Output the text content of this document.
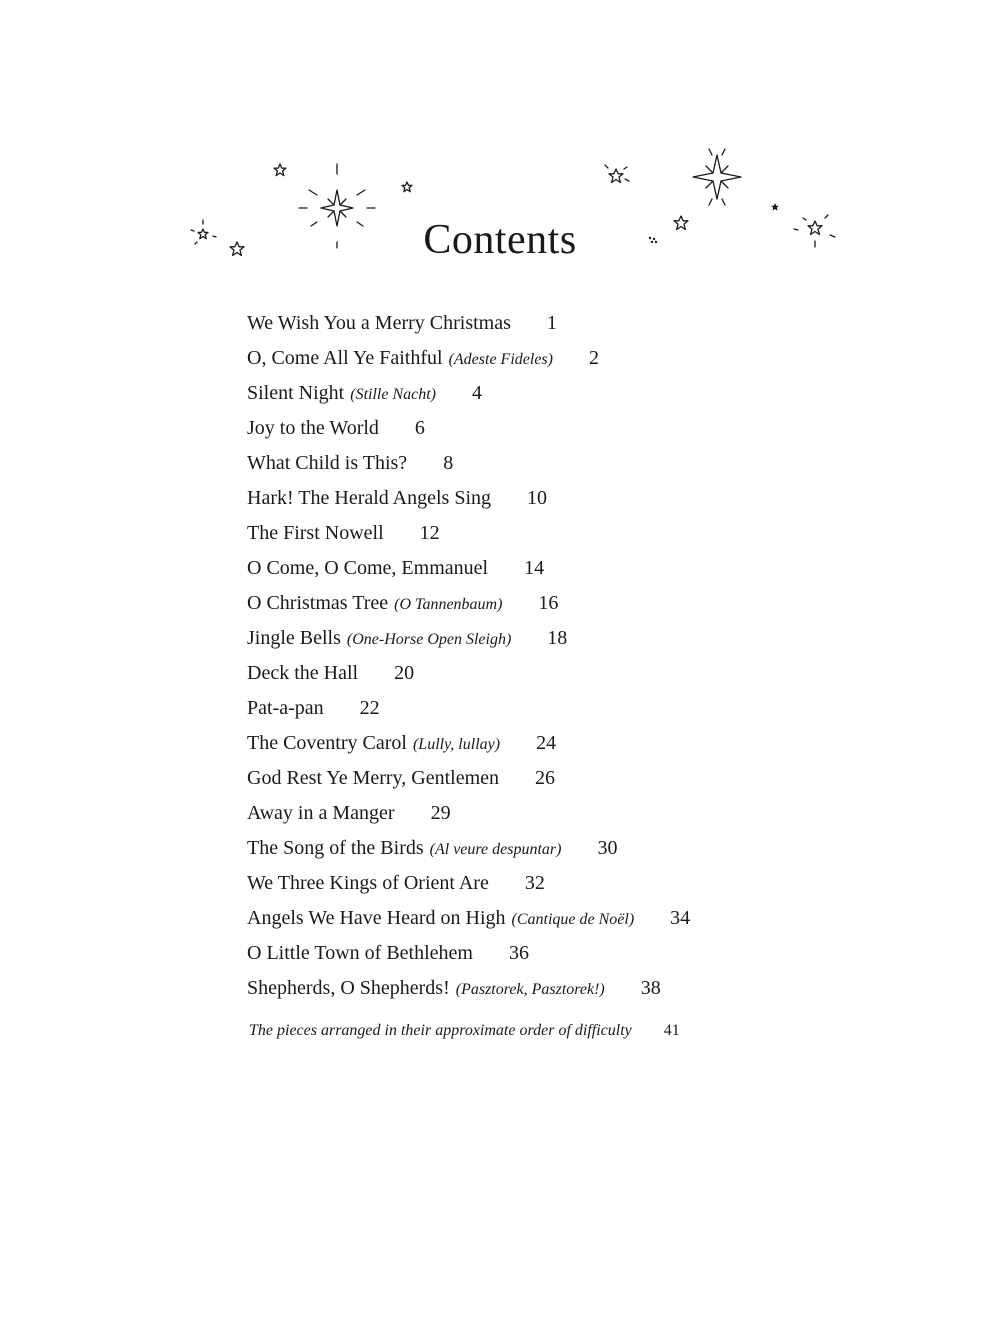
Contents
We Wish You a Merry Christmas 1
O, Come All Ye Faithful (Adeste Fideles) 2
Silent Night (Stille Nacht) 4
Joy to the World 6
What Child is This? 8
Hark! The Herald Angels Sing 10
The First Nowell 12
O Come, O Come, Emmanuel 14
O Christmas Tree (O Tannenbaum) 16
Jingle Bells (One-Horse Open Sleigh) 18
Deck the Hall 20
Pat-a-pan 22
The Coventry Carol (Lully, lullay) 24
God Rest Ye Merry, Gentlemen 26
Away in a Manger 29
The Song of the Birds (Al veure despuntar) 30
We Three Kings of Orient Are 32
Angels We Have Heard on High (Cantique de Noël) 34
O Little Town of Bethlehem 36
Shepherds, O Shepherds! (Pasztorek, Pasztorek!) 38
The pieces arranged in their approximate order of difficulty 41
